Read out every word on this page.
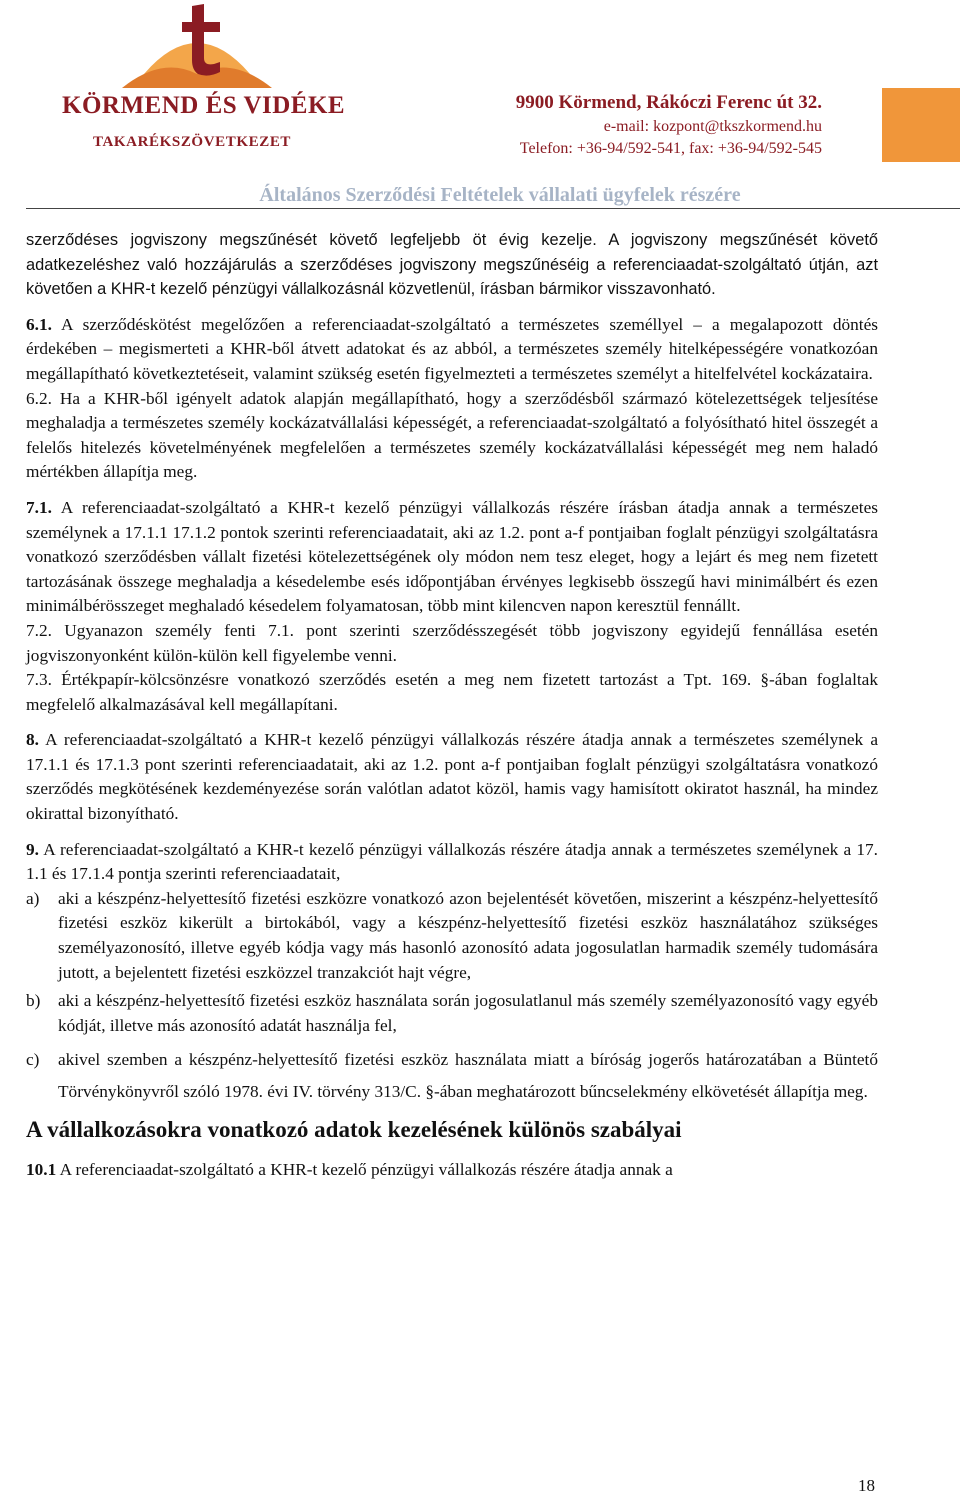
KÖRMEND ÉS VIDÉKE
TAKARÉKSZÖVETKEZET
9900 Körmend, Rákóczi Ferenc út 32.
e-mail: kozpont@tkszkormend.hu
Telefon: +36-94/592-541, fax: +36-94/592-545
Általános Szerződési Feltételek vállalati ügyfelek részére

szerződéses jogviszony megszűnését követő legfeljebb öt évig kezelje. A jogviszony megszűnését követő adatkezeléshez való hozzájárulás a szerződéses jogviszony megszűnéséig a referenciaadat-szolgáltató útján, azt követően a KHR-t kezelő pénzügyi vállalkozásnál közvetlenül, írásban bármikor visszavonható.

6.1. A szerződéskötést megelőzően a referenciaadat-szolgáltató a természetes személlyel – a megalapozott döntés érdekében – megismerteti a KHR-ből átvett adatokat és az abból, a természetes személy hitelképességére vonatkozóan megállapítható következtetéseit, valamint szükség esetén figyelmezteti a természetes személyt a hitelfelvétel kockázataira.

6.2. Ha a KHR-ből igényelt adatok alapján megállapítható, hogy a szerződésből származó kötelezettségek teljesítése meghaladja a természetes személy kockázatvállalási képességét, a referenciaadat-szolgáltató a folyósítható hitel összegét a felelős hitelezés követelményének megfelelően a természetes személy kockázatvállalási képességét meg nem haladó mértékben állapítja meg.

7.1. A referenciaadat-szolgáltató a KHR-t kezelő pénzügyi vállalkozás részére írásban átadja annak a természetes személynek a 17.1.1 17.1.2 pontok szerinti referenciaadatait, aki az 1.2. pont a-f pontjaiban foglalt pénzügyi szolgáltatásra vonatkozó szerződésben vállalt fizetési kötelezettségének oly módon nem tesz eleget, hogy a lejárt és meg nem fizetett tartozásának összege meghaladja a késedelembe esés időpontjában érvényes legkisebb összegű havi minimálbért és ezen minimálbérösszeget meghaladó késedelem folyamatosan, több mint kilencven napon keresztül fennállt.

7.2. Ugyanazon személy fenti 7.1. pont szerinti szerződésszegését több jogviszony egyidejű fennállása esetén jogviszonyonként külön-külön kell figyelembe venni.

7.3. Értékpapír-kölcsönzésre vonatkozó szerződés esetén a meg nem fizetett tartozást a Tpt. 169. §-ában foglaltak megfelelő alkalmazásával kell megállapítani.

8. A referenciaadat-szolgáltató a KHR-t kezelő pénzügyi vállalkozás részére átadja annak a természetes személynek a 17.1.1 és 17.1.3 pont szerinti referenciaadatait, aki az 1.2. pont a-f pontjaiban foglalt pénzügyi szolgáltatásra vonatkozó szerződés megkötésének kezdeményezése során valótlan adatot közöl, hamis vagy hamisított okiratot használ, ha mindez okirattal bizonyítható.

9. A referenciaadat-szolgáltató a KHR-t kezelő pénzügyi vállalkozás részére átadja annak a természetes személynek a 17. 1.1 és 17.1.4 pontja szerinti referenciaadatait,

a)	aki a készpénz-helyettesítő fizetési eszközre vonatkozó azon bejelentését követően, miszerint a készpénz-helyettesítő fizetési eszköz kikerült a birtokából, vagy a készpénz-helyettesítő fizetési eszköz használatához szükséges személyazonosító, illetve egyéb kódja vagy más hasonló azonosító adata jogosulatlan harmadik személy tudomására jutott, a bejelentett fizetési eszközzel tranzakciót hajt végre,
b)	aki a készpénz-helyettesítő fizetési eszköz használata során jogosulatlanul más személy személyazonosító vagy egyéb kódját, illetve más azonosító adatát használja fel,
c)	akivel szemben a készpénz-helyettesítő fizetési eszköz használata miatt a bíróság jogerős határozatában a Büntető Törvénykönyvről szóló 1978. évi IV. törvény 313/C. §-ában meghatározott bűncselekmény elkövetését állapítja meg.
A vállalkozásokra vonatkozó adatok kezelésének különös szabályai

10.1 A referenciaadat-szolgáltató a KHR-t kezelő pénzügyi vállalkozás részére átadja annak a

18
